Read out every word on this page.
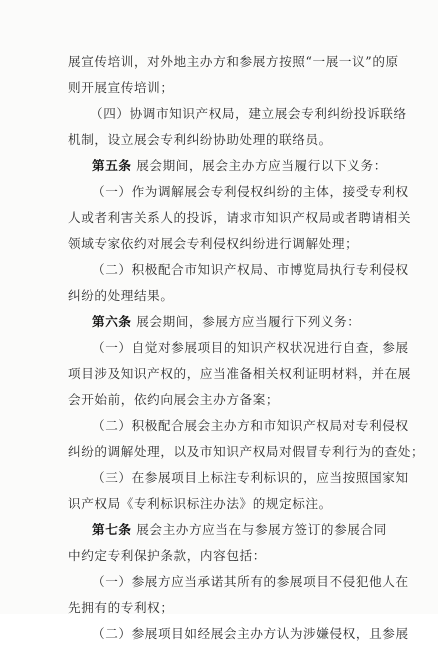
展宣传培训，对外地主办方和参展方按照“一展一议”的原
则开展宣传培训；
（四）协调市知识产权局，建立展会专利纠纷投诉联络
机制，设立展会专利纠纷协助处理的联络员。
第五条 展会期间，展会主办方应当履行以下义务：
（一）作为调解展会专利侵权纠纷的主体，接受专利权
人或者利害关系人的投诉，请求市知识产权局或者聘请相关
领域专家依约对展会专利侵权纠纷进行调解处理；
（二）积极配合市知识产权局、市博览局执行专利侵权
纠纷的处理结果。
第六条 展会期间，参展方应当履行下列义务：
（一）自觉对参展项目的知识产权状况进行自查，参展
项目涉及知识产权的，应当准备相关权利证明材料，并在展
会开始前，依约向展会主办方备案；
（二）积极配合展会主办方和市知识产权局对专利侵权
纠纷的调解处理，以及市知识产权局对假冒专利行为的查处；
（三）在参展项目上标注专利标识的，应当按照国家知
识产权局《专利标识标注办法》的规定标注。
第七条 展会主办方应当在与参展方签订的参展合同
中约定专利保护条款，内容包括：
（一）参展方应当承诺其所有的参展项目不侵犯他人在
先拥有的专利权；
（二）参展项目如经展会主办方认为涉嫌侵权，且参展
